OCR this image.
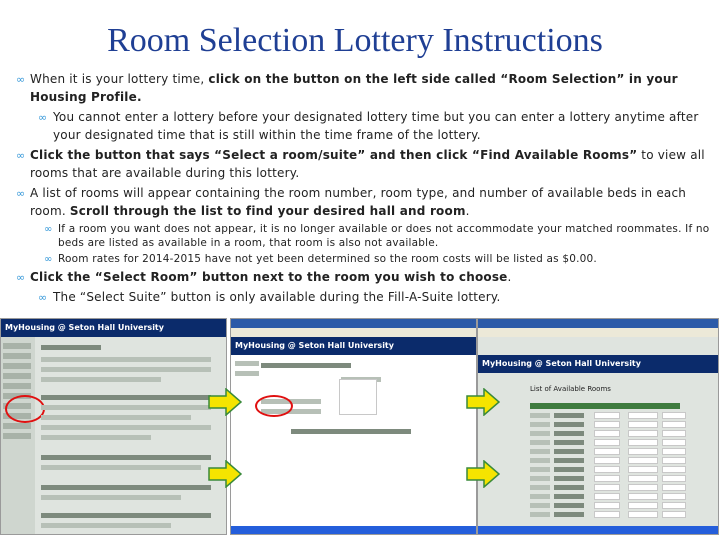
Room Selection Lottery Instructions
∞ When it is your lottery time, click on the button on the left side called “Room Selection” in your Housing Profile.
∞ You cannot enter a lottery before your designated lottery time but you can enter a lottery anytime after your designated time that is still within the time frame of the lottery.
∞ Click the button that says “Select a room/suite” and then click “Find Available Rooms” to view all rooms that are available during this lottery.
∞ A list of rooms will appear containing the room number, room type, and number of available beds in each room. Scroll through the list to find your desired hall and room.
∞ If a room you want does not appear, it is no longer available or does not accommodate your matched roommates. If no beds are listed as available in a room, that room is also not available.
∞ Room rates for 2014-2015 have not yet been determined so the room costs will be listed as $0.00.
∞ Click the “Select Room” button next to the room you wish to choose.
∞ The “Select Suite” button is only available during the Fill-A-Suite lottery.
MyHousing @ Seton Hall University
MyHousing @ Seton Hall University
MyHousing @ Seton Hall University
List of Available Rooms
